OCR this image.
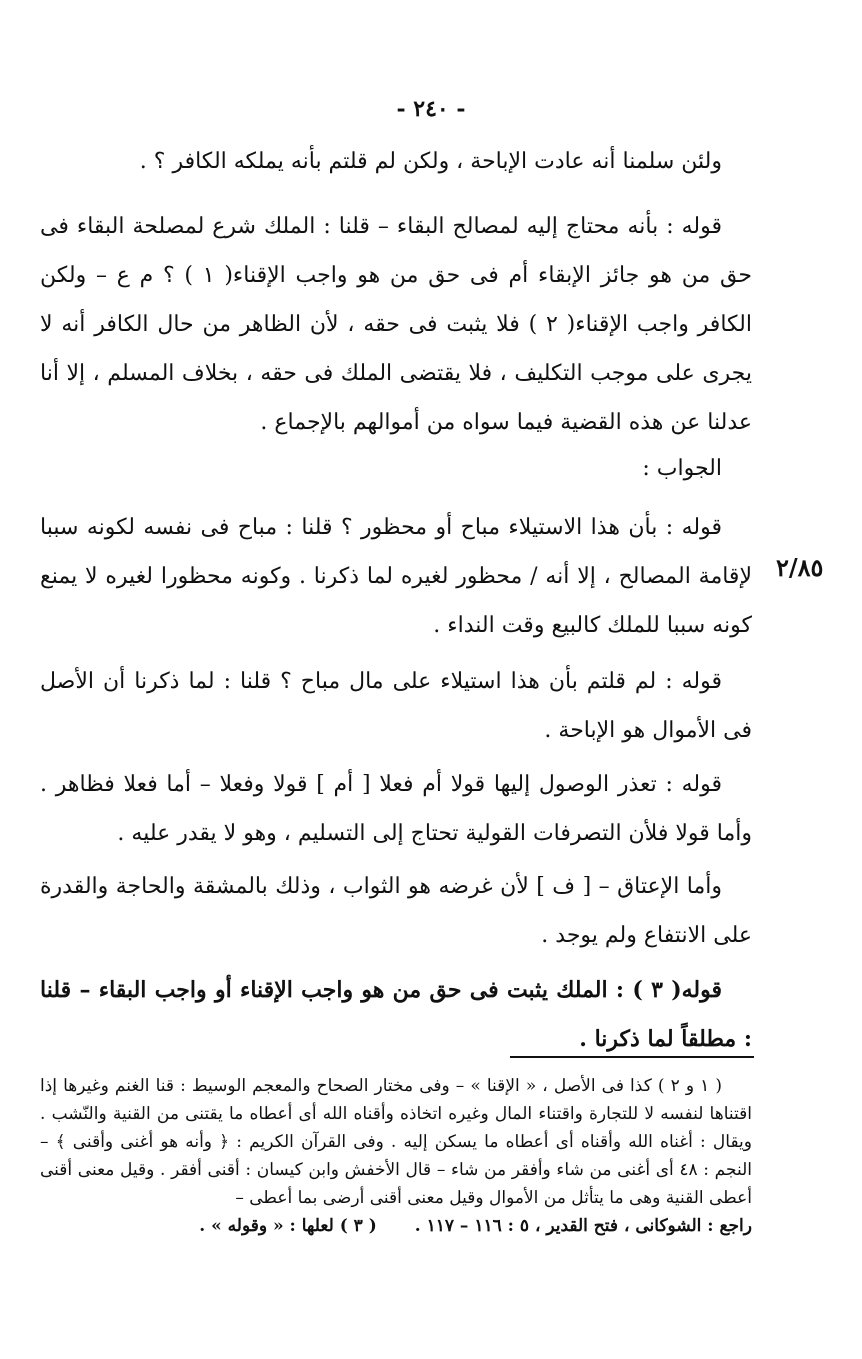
- ٢٤٠ -
٢/٨٥

ولئن سلمنا أنه عادت الإباحة ، ولكن لم قلتم بأنه يملكه الكافر ؟ .

قوله : بأنه محتاج إليه لمصالح البقاء – قلنا : الملك شرع لمصلحة البقاء فى حق من هو جائز الإبقاء أم فى حق من هو واجب الإقناء( ١ ) ؟ م ع – ولكن الكافر واجب الإقناء( ٢ ) فلا يثبت فى حقه ، لأن الظاهر من حال الكافر أنه لا يجرى على موجب التكليف ، فلا يقتضى الملك فى حقه ، بخلاف المسلم ، إلا أنا عدلنا عن هذه القضية فيما سواه من أموالهم بالإجماع .

الجواب :

قوله : بأن هذا الاستيلاء مباح أو محظور ؟ قلنا : مباح فى نفسه لكونه سببا لإقامة المصالح ، إلا أنه / محظور لغيره لما ذكرنا . وكونه محظورا لغيره لا يمنع كونه سببا للملك كالبيع وقت النداء .

قوله : لم قلتم بأن هذا استيلاء على مال مباح ؟ قلنا : لما ذكرنا أن الأصل فى الأموال هو الإباحة .

قوله : تعذر الوصول إليها قولا أم فعلا [ أم ] قولا وفعلا – أما فعلا فظاهر . وأما قولا فلأن التصرفات القولية تحتاج إلى التسليم ، وهو لا يقدر عليه .

وأما الإعتاق – [ ف ] لأن غرضه هو الثواب ، وذلك بالمشقة والحاجة والقدرة على الانتفاع ولم يوجد .

قوله( ٣ ) : الملك يثبت فى حق من هو واجب الإقناء أو واجب البقاء – قلنا : مطلقاً لما ذكرنا .

( ١ و ٢ ) كذا فى الأصل ، « الإقنا » – وفى مختار الصحاح والمعجم الوسيط : قنا الغنم وغيرها إذا اقتناها لنفسه لا للتجارة واقتناء المال وغيره اتخاذه وأقناه الله أى أعطاه ما يقتنى من القنية والنّشب . ويقال : أغناه الله وأقناه أى أعطاه ما يسكن إليه . وفى القرآن الكريم : ﴿ وأنه هو أغنى وأقنى ﴾ – النجم : ٤٨ أى أغنى من شاء وأفقر من شاء – قال الأخفش وابن كيسان : أقنى أفقر . وقيل معنى أقنى أعطى القنية وهى ما يتأثل من الأموال وقيل معنى أقنى أرضى بما أعطى –
راجع : الشوكانى ، فتح القدير ، ٥ : ١١٦ – ١١٧ .( ٣ ) لعلها : « وقوله » .
